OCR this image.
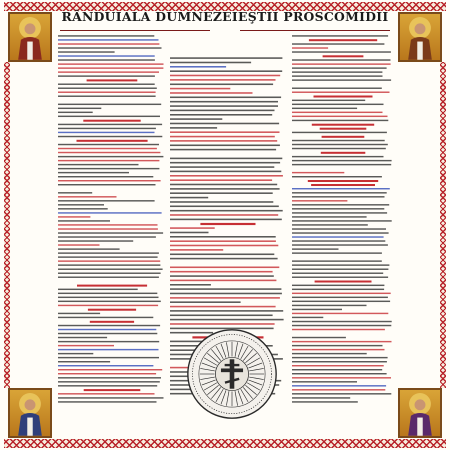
RÂNDUIALA DUMNEZEIEŞTII PROSCOMIDII
